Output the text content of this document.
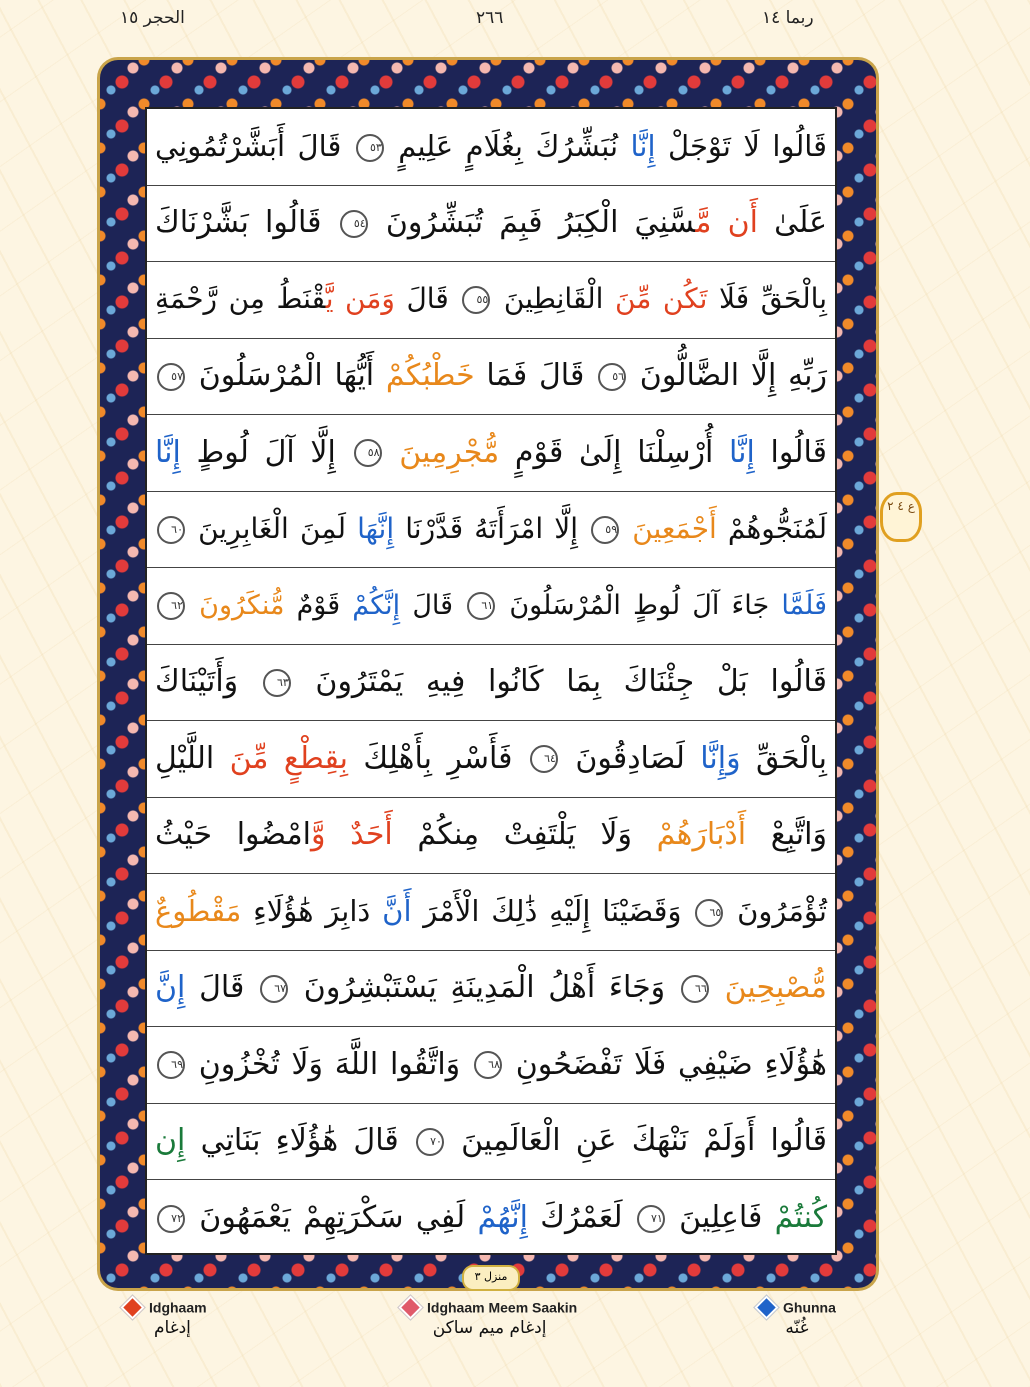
الحجر ١٥	٢٦٦	ربما ١٤
قَالُوا لَا تَوْجَلْ إِنَّا نُبَشِّرُكَ بِغُلَامٍ عَلِيمٍ ٥٣ قَالَ أَبَشَّرْتُمُونِي
عَلَىٰ أَن مَّسَّنِيَ الْكِبَرُ فَبِمَ تُبَشِّرُونَ ٥٤ قَالُوا بَشَّرْنَاكَ
بِالْحَقِّ فَلَا تَكُن مِّنَ الْقَانِطِينَ ٥٥ قَالَ وَمَن يَّقْنَطُ مِن رَّحْمَةِ
رَبِّهِ إِلَّا الضَّالُّونَ ٥٦ قَالَ فَمَا خَطْبُكُمْ أَيُّهَا الْمُرْسَلُونَ ٥٧
قَالُوا إِنَّا أُرْسِلْنَا إِلَىٰ قَوْمٍ مُّجْرِمِينَ ٥٨ إِلَّا آلَ لُوطٍ إِنَّا
لَمُنَجُّوهُمْ أَجْمَعِينَ ٥٩ إِلَّا امْرَأَتَهُ قَدَّرْنَا إِنَّهَا لَمِنَ الْغَابِرِينَ ٦٠
فَلَمَّا جَاءَ آلَ لُوطٍ الْمُرْسَلُونَ ٦١ قَالَ إِنَّكُمْ قَوْمٌ مُّنكَرُونَ ٦٢
قَالُوا بَلْ جِئْنَاكَ بِمَا كَانُوا فِيهِ يَمْتَرُونَ ٦٣ وَأَتَيْنَاكَ
بِالْحَقِّ وَإِنَّا لَصَادِقُونَ ٦٤ فَأَسْرِ بِأَهْلِكَ بِقِطْعٍ مِّنَ اللَّيْلِ
وَاتَّبِعْ أَدْبَارَهُمْ وَلَا يَلْتَفِتْ مِنكُمْ أَحَدٌ وَّامْضُوا حَيْثُ
تُؤْمَرُونَ ٦٥ وَقَضَيْنَا إِلَيْهِ ذَٰلِكَ الْأَمْرَ أَنَّ دَابِرَ هَٰؤُلَاءِ مَقْطُوعٌ
مُّصْبِحِينَ ٦٦ وَجَاءَ أَهْلُ الْمَدِينَةِ يَسْتَبْشِرُونَ ٦٧ قَالَ إِنَّ
هَٰؤُلَاءِ ضَيْفِي فَلَا تَفْضَحُونِ ٦٨ وَاتَّقُوا اللَّهَ وَلَا تُخْزُونِ ٦٩
قَالُوا أَوَلَمْ نَنْهَكَ عَنِ الْعَالَمِينَ ٧٠ قَالَ هَٰؤُلَاءِ بَنَاتِي إِن
كُنتُمْ فَاعِلِينَ ٧١ لَعَمْرُكَ إِنَّهُمْ لَفِي سَكْرَتِهِمْ يَعْمَهُونَ ٧٢
ع ٤ ٢
منزل ٣
Idghaam
إدغام
Idghaam Meem Saakin
إدغام ميم ساكن
Ghunna
غُنّه
